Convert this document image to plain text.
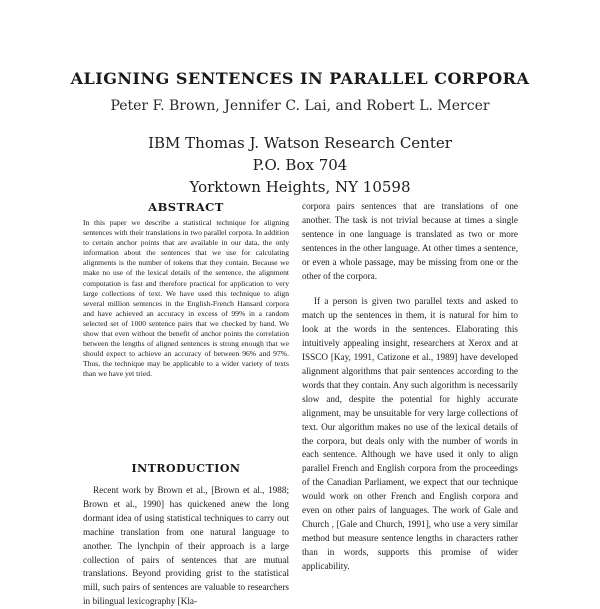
ALIGNING SENTENCES IN PARALLEL CORPORA
Peter F. Brown, Jennifer C. Lai, and Robert L. Mercer
IBM Thomas J. Watson Research Center
P.O. Box 704
Yorktown Heights, NY 10598
ABSTRACT

In this paper we describe a statistical technique for aligning sentences with their translations in two parallel corpora. In addition to certain anchor points that are available in our data, the only information about the sentences that we use for calculating alignments is the number of tokens that they contain. Because we make no use of the lexical details of the sentence, the alignment computation is fast and therefore practical for application to very large collections of text. We have used this technique to align several million sentences in the English-French Hansard corpora and have achieved an accuracy in excess of 99% in a random selected set of 1000 sentence pairs that we checked by hand. We show that even without the benefit of anchor points the correlation between the lengths of aligned sentences is strong enough that we should expect to achieve an accuracy of between 96% and 97%. Thus, the technique may be applicable to a wider variety of texts than we have yet tried.

INTRODUCTION

Recent work by Brown et al., [Brown et al., 1988; Brown et al., 1990] has quickened anew the long dormant idea of using statistical techniques to carry out machine translation from one natural language to another. The lynchpin of their approach is a large collection of pairs of sentences that are mutual translations. Beyond providing grist to the statistical mill, such pairs of sentences are valuable to researchers in bilingual lexicography [Kla-

corpora pairs sentences that are translations of one another. The task is not trivial because at times a single sentence in one language is translated as two or more sentences in the other language. At other times a sentence, or even a whole passage, may be missing from one or the other of the corpora.

If a person is given two parallel texts and asked to match up the sentences in them, it is natural for him to look at the words in the sentences. Elaborating this intuitively appealing insight, researchers at Xerox and at ISSCO [Kay, 1991, Catizone et al., 1989] have developed alignment algorithms that pair sentences according to the words that they contain. Any such algorithm is necessarily slow and, despite the potential for highly accurate alignment, may be unsuitable for very large collections of text. Our algorithm makes no use of the lexical details of the corpora, but deals only with the number of words in each sentence. Although we have used it only to align parallel French and English corpora from the proceedings of the Canadian Parliament, we expect that our technique would work on other French and English corpora and even on other pairs of languages. The work of Gale and Church , [Gale and Church, 1991], who use a very similar method but measure sentence lengths in characters rather than in words, supports this promise of wider applicability.
